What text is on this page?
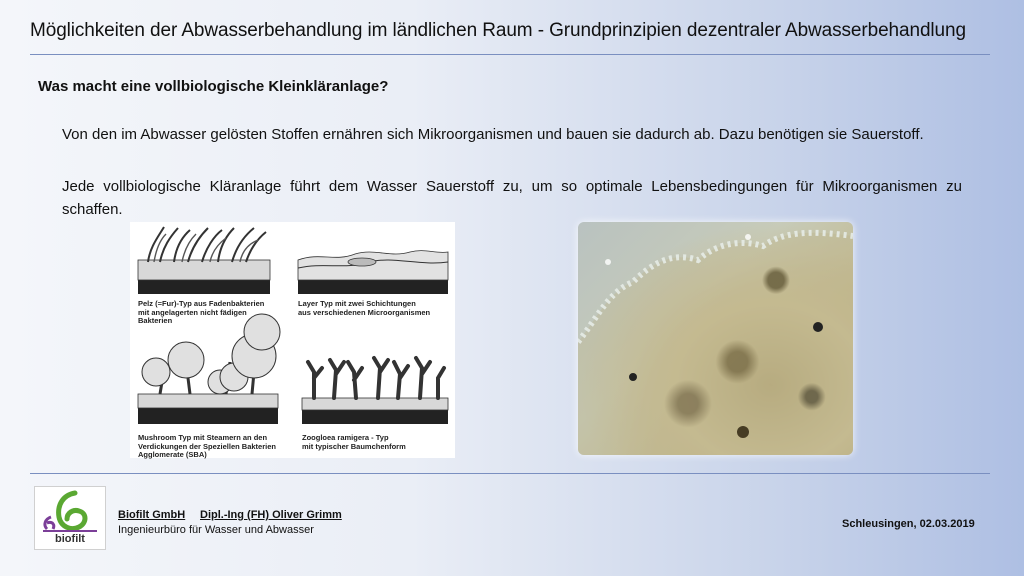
Möglichkeiten der Abwasserbehandlung im ländlichen Raum - Grundprinzipien dezentraler Abwasserbehandlung
Was macht eine vollbiologische Kleinkläranlage?

Von den im Abwasser gelösten Stoffen ernähren sich Mikroorganismen und bauen sie dadurch ab. Dazu benötigen sie Sauerstoff.

Jede vollbiologische Kläranlage führt dem Wasser Sauerstoff zu, um so optimale Lebensbedingungen für Mikroorganismen zu schaffen.

Pelz (=Fur)-Typ aus Fadenbakterien
mit angelagerten nicht fädigen
Bakterien
Layer Typ mit zwei Schichtungen
aus verschiedenen Microorganismen
Mushroom Typ mit Steamern an den
Verdickungen der Speziellen Bakterien
Agglomerate (SBA)
Zoogloea ramigera - Typ
mit typischer Baumchenform
biofilt
Biofilt GmbH Dipl.-Ing (FH) Oliver Grimm
Ingenieurbüro für Wasser und Abwasser	Schleusingen, 02.03.2019
